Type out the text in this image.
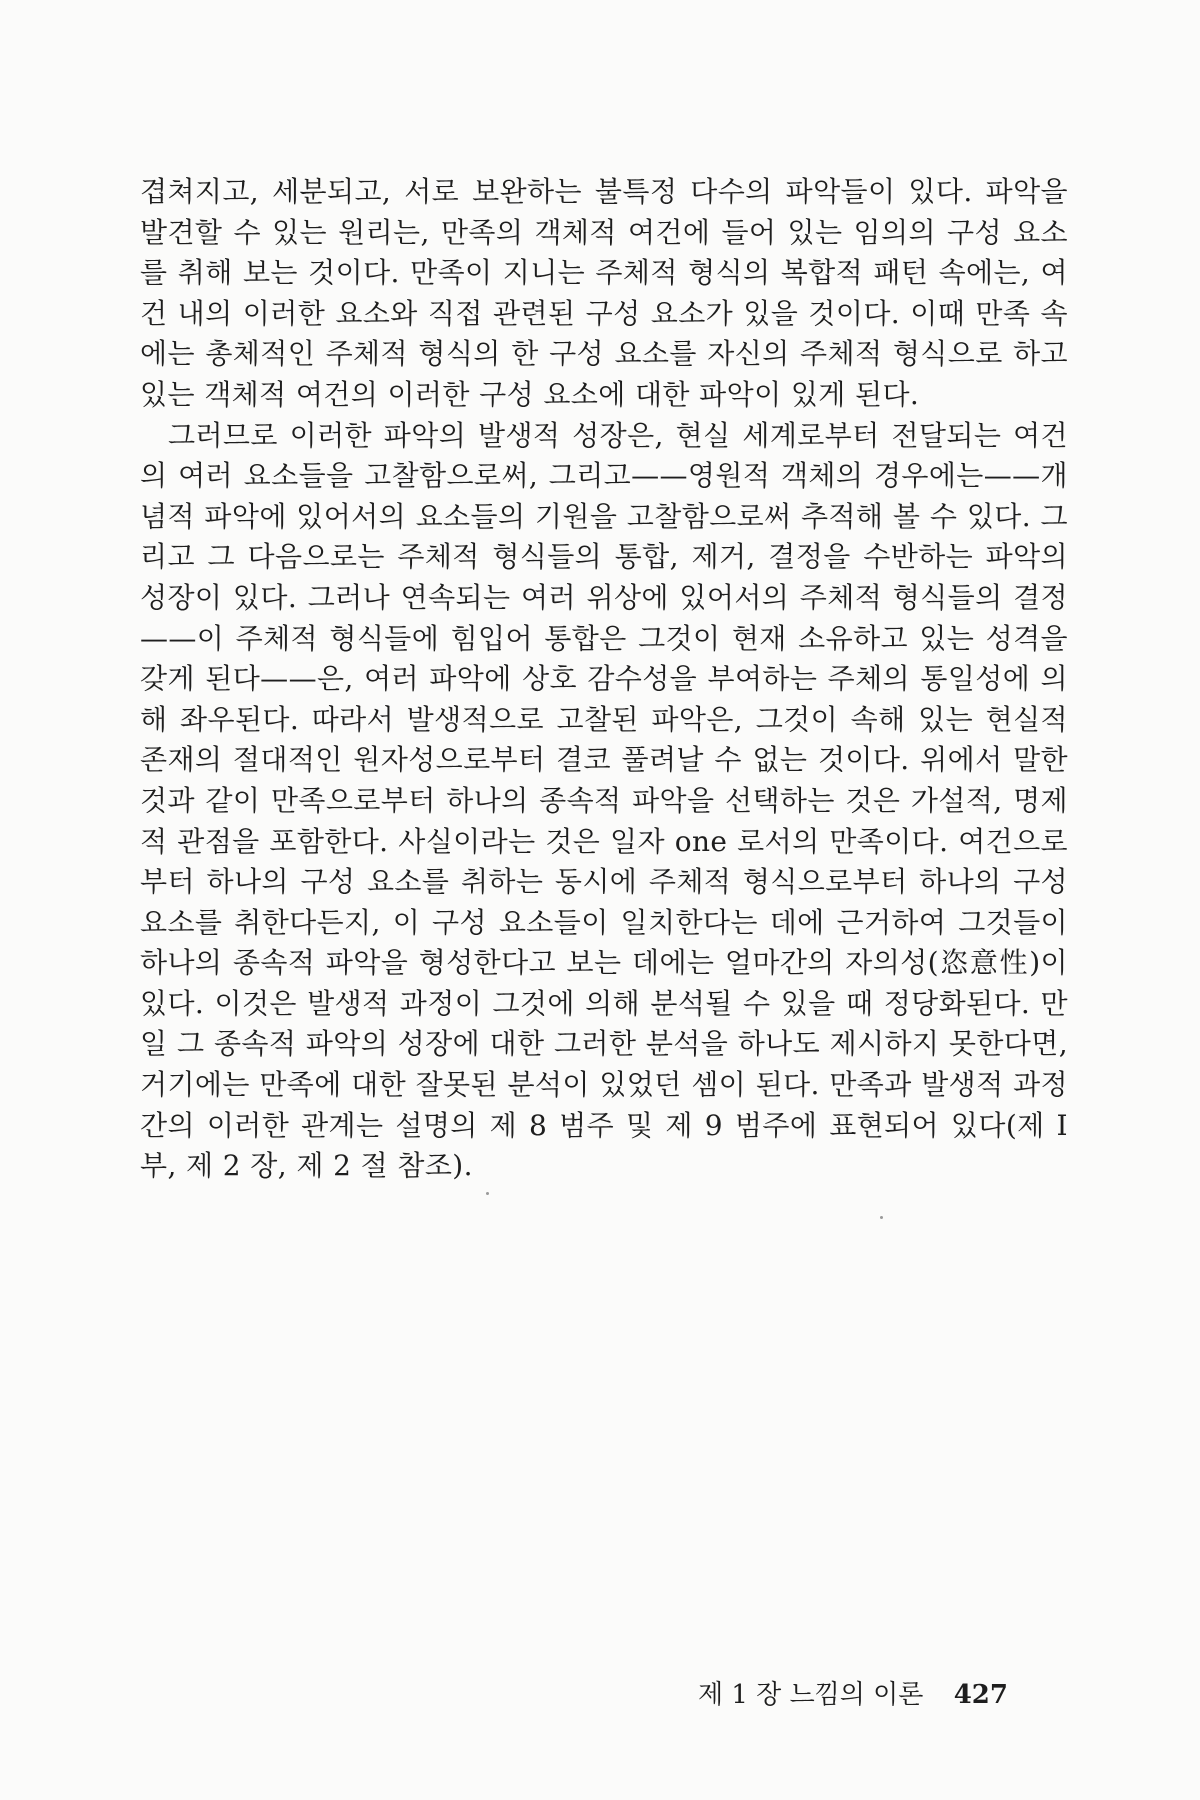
겹쳐지고, 세분되고, 서로 보완하는 불특정 다수의 파악들이 있다. 파악을 발견할 수 있는 원리는, 만족의 객체적 여건에 들어 있는 임의의 구성 요소를 취해 보는 것이다. 만족이 지니는 주체적 형식의 복합적 패턴 속에는, 여건 내의 이러한 요소와 직접 관련된 구성 요소가 있을 것이다. 이때 만족 속에는 총체적인 주체적 형식의 한 구성 요소를 자신의 주체적 형식으로 하고 있는 객체적 여건의 이러한 구성 요소에 대한 파악이 있게 된다.

그러므로 이러한 파악의 발생적 성장은, 현실 세계로부터 전달되는 여건의 여러 요소들을 고찰함으로써, 그리고——영원적 객체의 경우에는——개념적 파악에 있어서의 요소들의 기원을 고찰함으로써 추적해 볼 수 있다. 그리고 그 다음으로는 주체적 형식들의 통합, 제거, 결정을 수반하는 파악의 성장이 있다. 그러나 연속되는 여러 위상에 있어서의 주체적 형식들의 결정——이 주체적 형식들에 힘입어 통합은 그것이 현재 소유하고 있는 성격을 갖게 된다——은, 여러 파악에 상호 감수성을 부여하는 주체의 통일성에 의해 좌우된다. 따라서 발생적으로 고찰된 파악은, 그것이 속해 있는 현실적 존재의 절대적인 원자성으로부터 결코 풀려날 수 없는 것이다. 위에서 말한 것과 같이 만족으로부터 하나의 종속적 파악을 선택하는 것은 가설적, 명제적 관점을 포함한다. 사실이라는 것은 일자 one 로서의 만족이다. 여건으로부터 하나의 구성 요소를 취하는 동시에 주체적 형식으로부터 하나의 구성 요소를 취한다든지, 이 구성 요소들이 일치한다는 데에 근거하여 그것들이 하나의 종속적 파악을 형성한다고 보는 데에는 얼마간의 자의성(恣意性)이 있다. 이것은 발생적 과정이 그것에 의해 분석될 수 있을 때 정당화된다. 만일 그 종속적 파악의 성장에 대한 그러한 분석을 하나도 제시하지 못한다면, 거기에는 만족에 대한 잘못된 분석이 있었던 셈이 된다. 만족과 발생적 과정간의 이러한 관계는 설명의 제 8 범주 및 제 9 범주에 표현되어 있다(제 I 부, 제 2 장, 제 2 절 참조).

제 1 장 느낌의 이론 427
